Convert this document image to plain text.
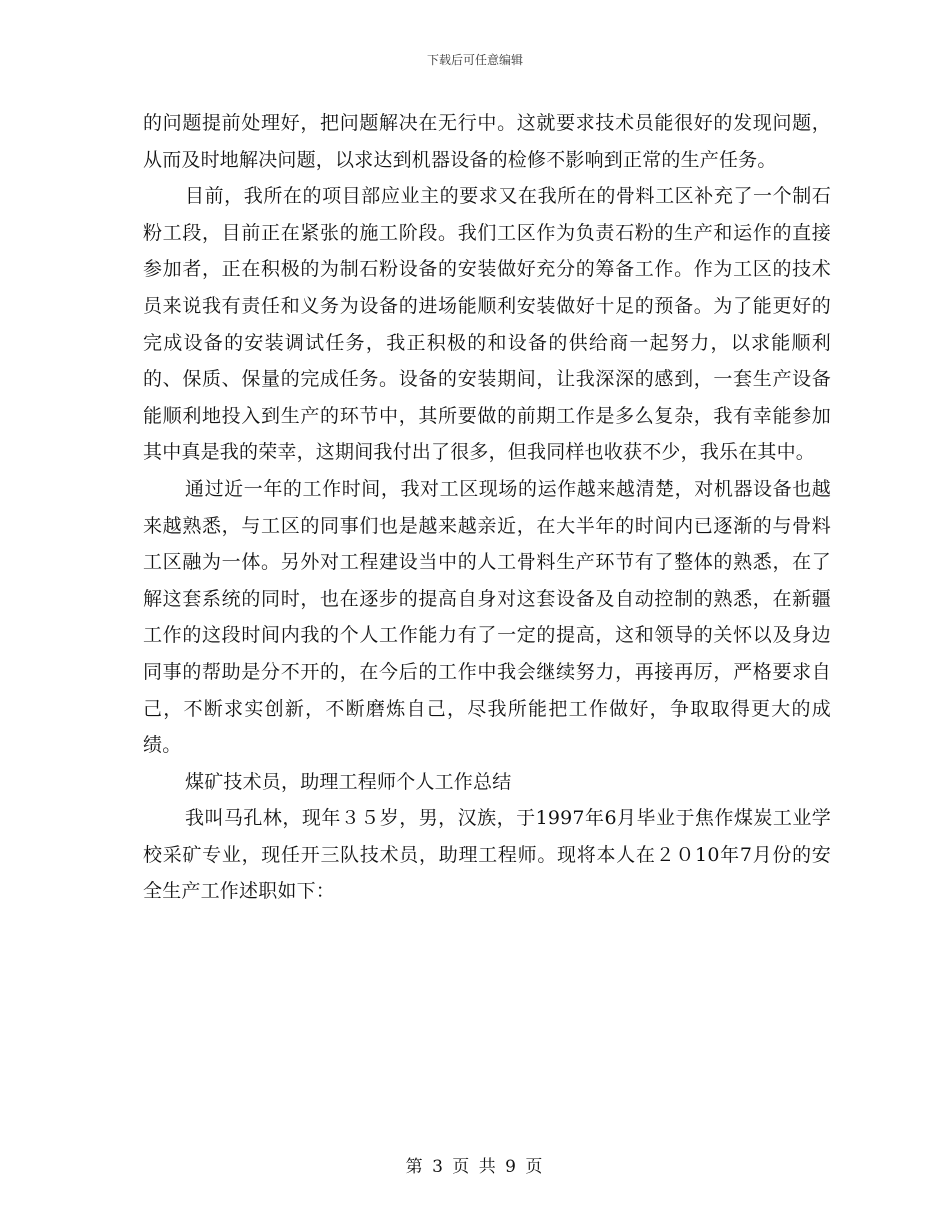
下载后可任意编辑

的问题提前处理好，把问题解决在无行中。这就要求技术员能很好的发现问题，从而及时地解决问题，以求达到机器设备的检修不影响到正常的生产任务。

目前，我所在的项目部应业主的要求又在我所在的骨料工区补充了一个制石粉工段，目前正在紧张的施工阶段。我们工区作为负责石粉的生产和运作的直接参加者，正在积极的为制石粉设备的安装做好充分的筹备工作。作为工区的技术员来说我有责任和义务为设备的进场能顺利安装做好十足的预备。为了能更好的完成设备的安装调试任务，我正积极的和设备的供给商一起努力，以求能顺利的、保质、保量的完成任务。设备的安装期间，让我深深的感到，一套生产设备能顺利地投入到生产的环节中，其所要做的前期工作是多么复杂，我有幸能参加其中真是我的荣幸，这期间我付出了很多，但我同样也收获不少，我乐在其中。

通过近一年的工作时间，我对工区现场的运作越来越清楚，对机器设备也越来越熟悉，与工区的同事们也是越来越亲近，在大半年的时间内已逐渐的与骨料工区融为一体。另外对工程建设当中的人工骨料生产环节有了整体的熟悉，在了解这套系统的同时，也在逐步的提高自身对这套设备及自动控制的熟悉，在新疆工作的这段时间内我的个人工作能力有了一定的提高，这和领导的关怀以及身边同事的帮助是分不开的，在今后的工作中我会继续努力，再接再厉，严格要求自己，不断求实创新，不断磨炼自己，尽我所能把工作做好，争取取得更大的成绩。

煤矿技术员，助理工程师个人工作总结

我叫马孔林，现年３５岁，男，汉族，于1997年6月毕业于焦作煤炭工业学校采矿专业，现任开三队技术员，助理工程师。现将本人在２０10年7月份的安全生产工作述职如下：

第 3 页 共 9 页
